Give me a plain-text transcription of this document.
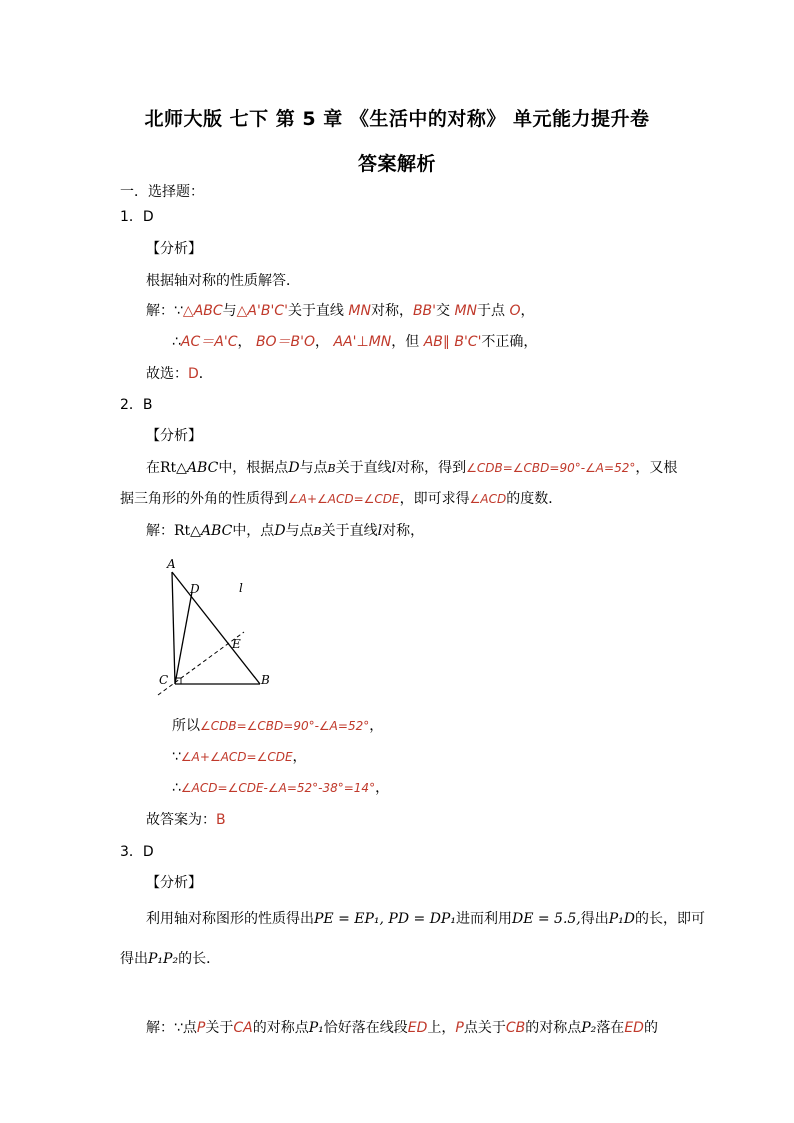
北师大版 七下 第 5 章 《生活中的对称》 单元能力提升卷
答案解析
一．选择题：
1．D
【分析】
根据轴对称的性质解答．
解：∵△ABC与△A'B'C'关于直线 MN对称，BB'交 MN于点 O，
∴AC＝A'C， BO＝B'O， AA'⊥MN，但 AB∥ B'C'不正确，
故选：D．
2．B
【分析】
在Rt△ABC中，根据点D与点B关于直线l对称，得到∠CDB=∠CBD=90°-∠A=52°，又根
据三角形的外角的性质得到∠A+∠ACD=∠CDE，即可求得∠ACD的度数．
解：Rt△ABC中，点D与点B关于直线l对称，
A
D	l
E
C	B
所以∠CDB=∠CBD=90°-∠A=52°，
∵∠A+∠ACD=∠CDE，
∴∠ACD=∠CDE-∠A=52°-38°=14°，
故答案为：B
3．D
【分析】
利用轴对称图形的性质得出PE = EP₁, PD = DP₁进而利用DE = 5.5,得出P₁D的长，即可
得出P₁P₂的长．
解：∵点P关于CA的对称点P₁恰好落在线段ED上，P点关于CB的对称点P₂落在ED的
